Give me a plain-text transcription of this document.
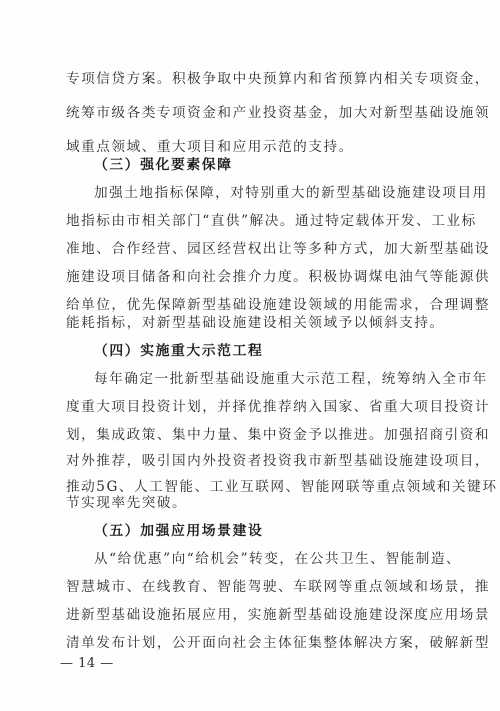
专项信贷方案。积极争取中央预算内和省预算内相关专项资金，
统筹市级各类专项资金和产业投资基金，加大对新型基础设施领
域重点领域、重大项目和应用示范的支持。
（三）强化要素保障
加强土地指标保障，对特别重大的新型基础设施建设项目用
地指标由市相关部门“直供”解决。通过特定载体开发、工业标
准地、合作经营、园区经营权出让等多种方式，加大新型基础设
施建设项目储备和向社会推介力度。积极协调煤电油气等能源供
给单位，优先保障新型基础设施建设领域的用能需求，合理调整
能耗指标，对新型基础设施建设相关领域予以倾斜支持。
（四）实施重大示范工程
每年确定一批新型基础设施重大示范工程，统筹纳入全市年
度重大项目投资计划，并择优推荐纳入国家、省重大项目投资计
划，集成政策、集中力量、集中资金予以推进。加强招商引资和
对外推荐，吸引国内外投资者投资我市新型基础设施建设项目，
推动5G、人工智能、工业互联网、智能网联等重点领域和关键环
节实现率先突破。
（五）加强应用场景建设
从“给优惠”向“给机会”转变，在公共卫生、智能制造、
智慧城市、在线教育、智能驾驶、车联网等重点领域和场景，推
进新型基础设施拓展应用，实施新型基础设施建设深度应用场景
清单发布计划，公开面向社会主体征集整体解决方案，破解新型
— 14 —
